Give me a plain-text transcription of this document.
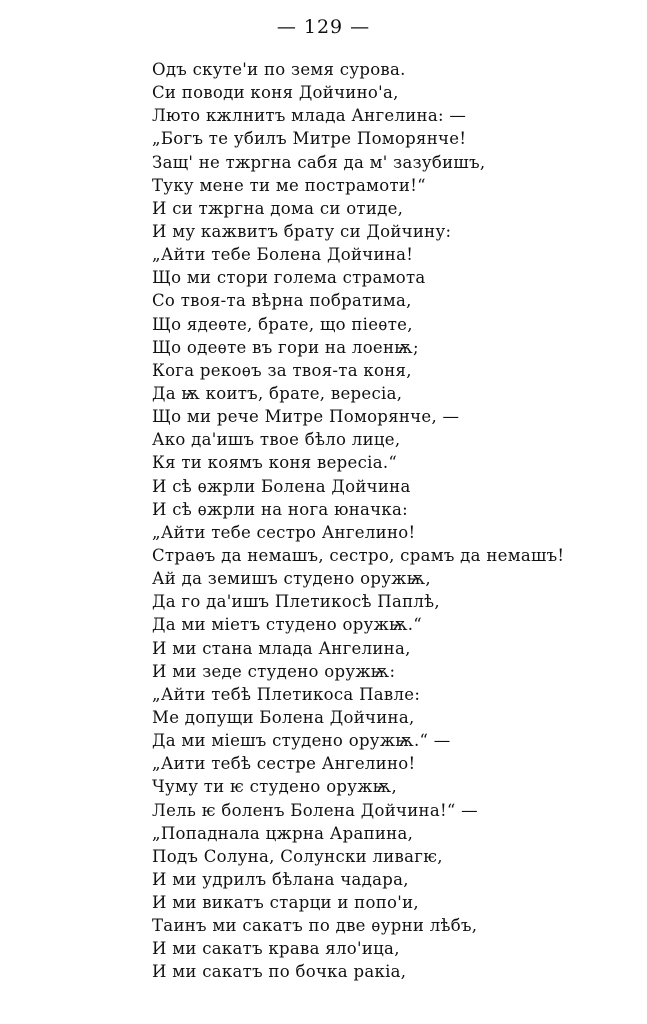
— 129 —
Одъ скуте'и по земя сурова.
Си поводи коня Дойчино'а,
Люто кжлнитъ млада Ангелина: —
„Богъ те убилъ Митре Поморянче!
Защ' не тжргна сабя да м' зазубишъ,
Туку мене ти ме пострамоти!“
И си тжргна дома си отиде,
И му кажвитъ брату си Дойчину:
„Айти тебе Болена Дойчина!
Що ми стори голема страмота
Со твоя-та вѣрна побратима,
Що ядеѳте, брате, що пiеѳте,
Що одеѳте въ гори на лоенѭ;
Кога рекоѳъ за твоя-та коня,
Да ѭ коитъ, брате, вересiа,
Що ми рече Митре Поморянче, —
Ако да'ишъ твое бѣло лице,
Кя ти коямъ коня вересiа.“
И сѣ ѳжрли Болена Дойчина
И сѣ ѳжрли на нога юначка:
„Айти тебе сестро Ангелино!
Страѳъ да немашъ, сестро, срамъ да немашъ!
Ай да земишъ студено оружѭ,
Да го да'ишъ Плетикосѣ Паплѣ,
Да ми мiетъ студено оружѭ.“
И ми стана млада Ангелина,
И ми зеде студено оружѭ:
„Айти тебѣ Плетикоса Павле:
Ме допущи Болена Дойчина,
Да ми мiешъ студено оружѭ.“ —
„Аити тебѣ сестре Ангелино!
Чуму ти ѥ студено оружѭ,
Лель ѥ боленъ Болена Дойчина!“ —
„Попаднала цжрна Арапина,
Подъ Солуна, Солунски ливагѥ,
И ми удрилъ бѣлана чадара,
И ми викатъ старци и попо'и,
Таинъ ми сакатъ по две ѳурни лѣбъ,
И ми сакатъ крава яло'ица,
И ми сакатъ по бочка ракiа,
